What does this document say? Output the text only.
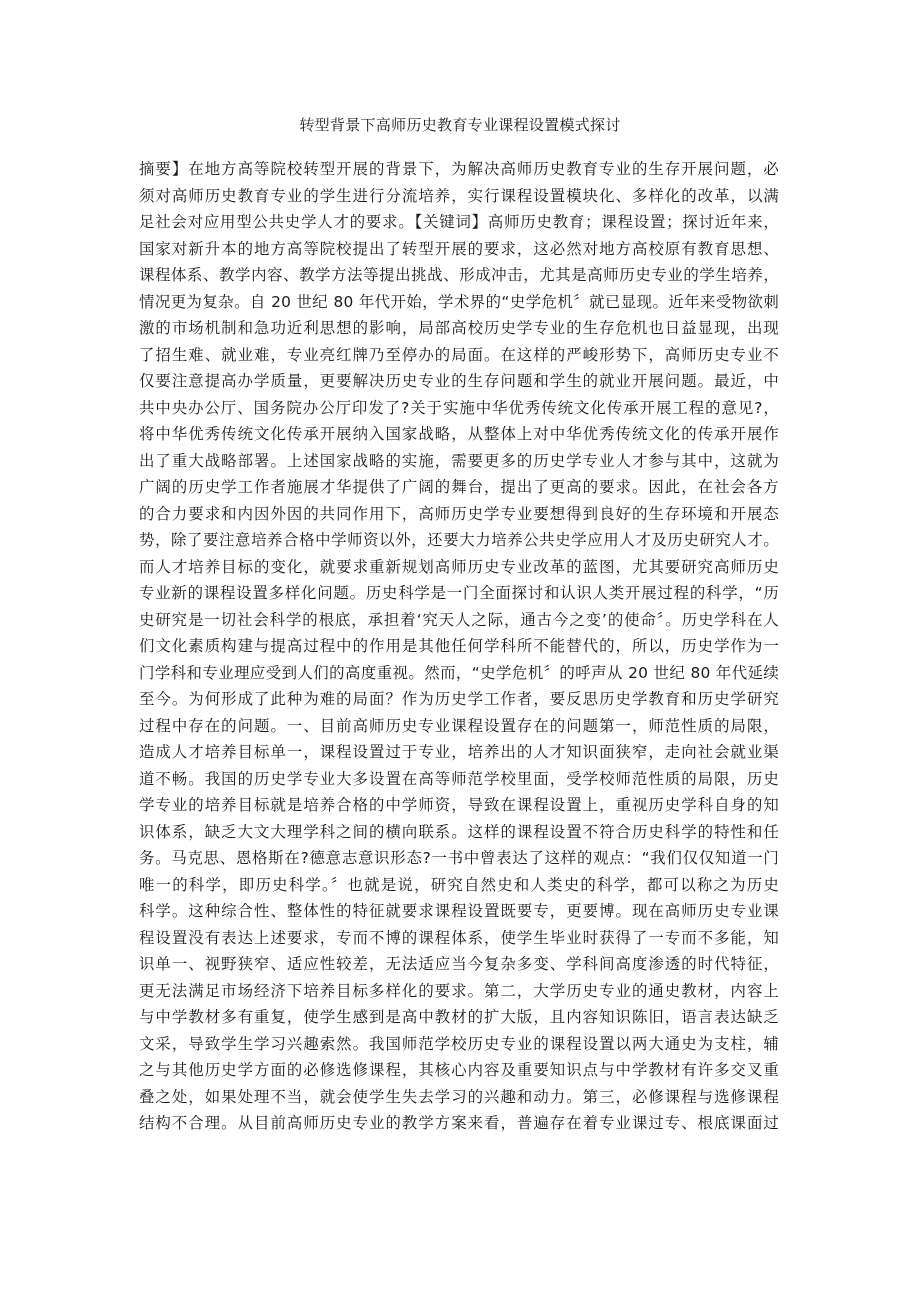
转型背景下高师历史教育专业课程设置模式探讨
摘要】在地方高等院校转型开展的背景下，为解决高师历史教育专业的生存开展问题，必
须对高师历史教育专业的学生进行分流培养，实行课程设置模块化、多样化的改革，以满
足社会对应用型公共史学人才的要求。【关键词】高师历史教育；课程设置；探讨近年来，
国家对新升本的地方高等院校提出了转型开展的要求，这必然对地方高校原有教育思想、
课程体系、教学内容、教学方法等提出挑战、形成冲击，尤其是高师历史专业的学生培养，
情况更为复杂。自 20 世纪 80 年代开始，学术界的“史学危机〞就已显现。近年来受物欲刺
激的市场机制和急功近利思想的影响，局部高校历史学专业的生存危机也日益显现，出现
了招生难、就业难，专业亮红牌乃至停办的局面。在这样的严峻形势下，高师历史专业不
仅要注意提高办学质量，更要解决历史专业的生存问题和学生的就业开展问题。最近，中
共中央办公厅、国务院办公厅印发了?关于实施中华优秀传统文化传承开展工程的意见?，
将中华优秀传统文化传承开展纳入国家战略，从整体上对中华优秀传统文化的传承开展作
出了重大战略部署。上述国家战略的实施，需要更多的历史学专业人才参与其中，这就为
广阔的历史学工作者施展才华提供了广阔的舞台，提出了更高的要求。因此，在社会各方
的合力要求和内因外因的共同作用下，高师历史学专业要想得到良好的生存环境和开展态
势，除了要注意培养合格中学师资以外，还要大力培养公共史学应用人才及历史研究人才。
而人才培养目标的变化，就要求重新规划高师历史专业改革的蓝图，尤其要研究高师历史
专业新的课程设置多样化问题。历史科学是一门全面探讨和认识人类开展过程的科学，“历
史研究是一切社会科学的根底，承担着‘究天人之际，通古今之变’的使命〞。历史学科在人
们文化素质构建与提高过程中的作用是其他任何学科所不能替代的，所以，历史学作为一
门学科和专业理应受到人们的高度重视。然而，“史学危机〞的呼声从 20 世纪 80 年代延续
至今。为何形成了此种为难的局面？作为历史学工作者，要反思历史学教育和历史学研究
过程中存在的问题。一、目前高师历史专业课程设置存在的问题第一，师范性质的局限，
造成人才培养目标单一，课程设置过于专业，培养出的人才知识面狭窄，走向社会就业渠
道不畅。我国的历史学专业大多设置在高等师范学校里面，受学校师范性质的局限，历史
学专业的培养目标就是培养合格的中学师资，导致在课程设置上，重视历史学科自身的知
识体系，缺乏大文大理学科之间的横向联系。这样的课程设置不符合历史科学的特性和任
务。马克思、恩格斯在?德意志意识形态?一书中曾表达了这样的观点：“我们仅仅知道一门
唯一的科学，即历史科学。〞也就是说，研究自然史和人类史的科学，都可以称之为历史
科学。这种综合性、整体性的特征就要求课程设置既要专，更要博。现在高师历史专业课
程设置没有表达上述要求，专而不博的课程体系，使学生毕业时获得了一专而不多能，知
识单一、视野狭窄、适应性较差，无法适应当今复杂多变、学科间高度渗透的时代特征，
更无法满足市场经济下培养目标多样化的要求。第二，大学历史专业的通史教材，内容上
与中学教材多有重复，使学生感到是高中教材的扩大版，且内容知识陈旧，语言表达缺乏
文采，导致学生学习兴趣索然。我国师范学校历史专业的课程设置以两大通史为支柱，辅
之与其他历史学方面的必修选修课程，其核心内容及重要知识点与中学教材有许多交叉重
叠之处，如果处理不当，就会使学生失去学习的兴趣和动力。第三，必修课程与选修课程
结构不合理。从目前高师历史专业的教学方案来看，普遍存在着专业课过专、根底课面过
